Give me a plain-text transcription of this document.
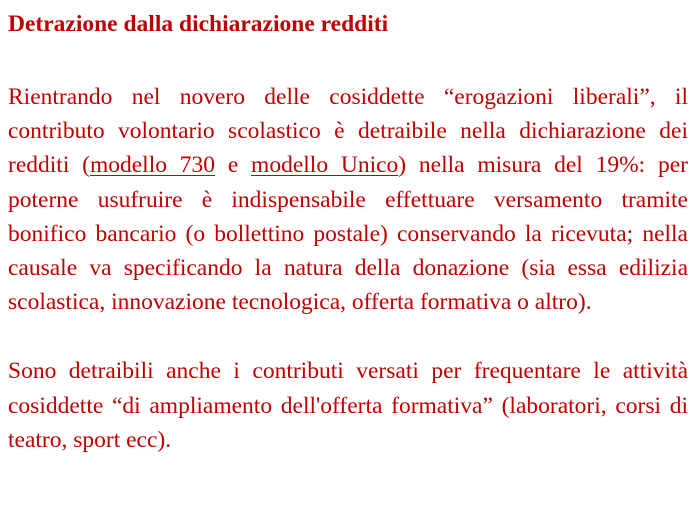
Detrazione dalla dichiarazione redditi

Rientrando nel novero delle cosiddette “erogazioni liberali”, il contributo volontario scolastico è detraibile nella dichiarazione dei redditi (modello 730 e modello Unico) nella misura del 19%: per poterne usufruire è indispensabile effettuare versamento tramite bonifico bancario (o bollettino postale) conservando la ricevuta; nella causale va specificando la natura della donazione (sia essa edilizia scolastica, innovazione tecnologica, offerta formativa o altro).

Sono detraibili anche i contributi versati per frequentare le attività cosiddette “di ampliamento dell'offerta formativa” (laboratori, corsi di teatro, sport ecc).
